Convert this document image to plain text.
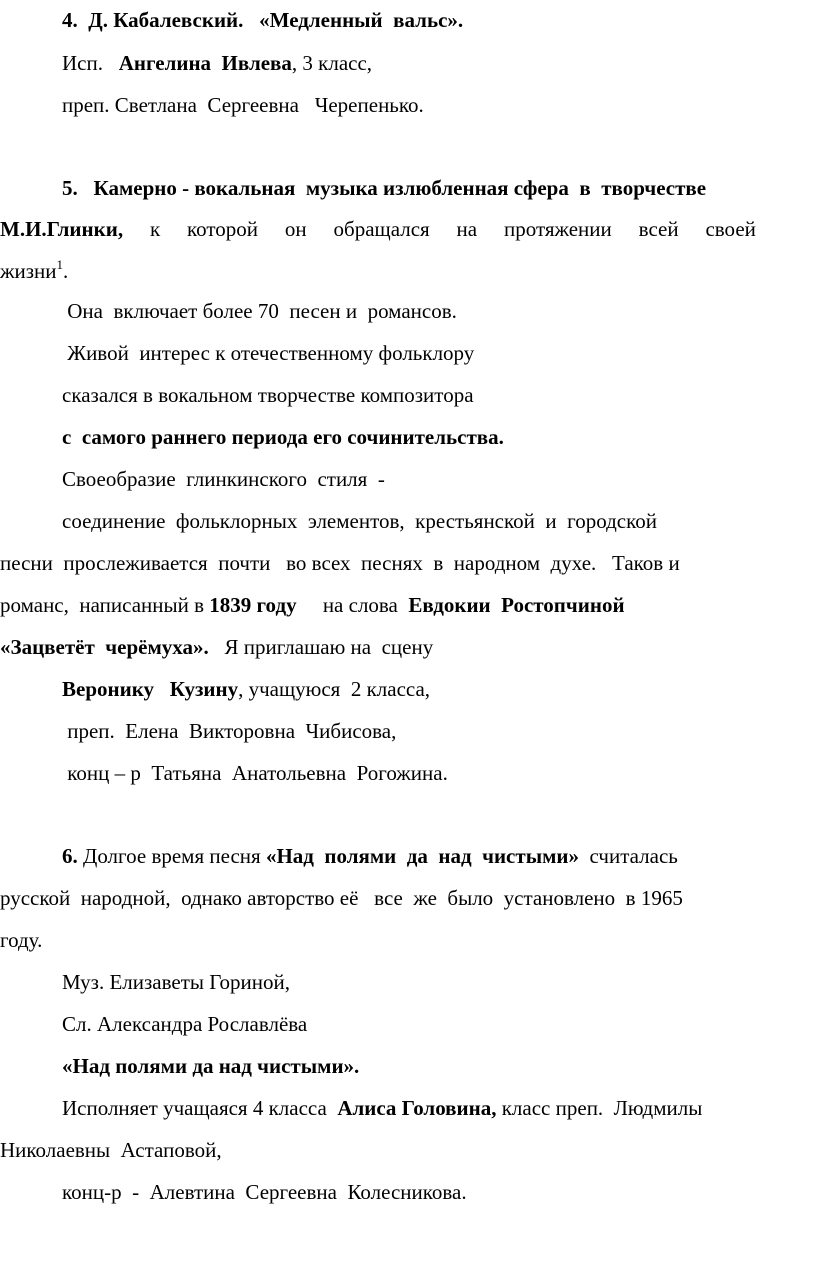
4.  Д. Кабалевский.   «Медленный  вальс».
Исп.   Ангелина  Ивлева, 3 класс,
преп. Светлана  Сергеевна   Черепенько.
5.   Камерно - вокальная  музыка излюбленная сфера  в  творчестве
М.И.Глинки, к которой он обращался на протяжении всей своей
жизни$^1$.
Она  включает более 70  песен и  романсов.
Живой  интерес к отечественному фольклору
сказался в вокальном творчестве композитора
с  самого раннего периода его сочинительства.
Своеобразие  глинкинского  стиля  -
соединение  фольклорных  элементов,  крестьянской  и  городской
песни  прослеживается  почти   во всех  песнях  в  народном  духе.   Таков и
романс,  написанный в 1839 году     на слова  Евдокии  Ростопчиной
«Зацветёт  черёмуха».   Я приглашаю на  сцену
Веронику   Кузину, учащуюся  2 класса,
преп.  Елена  Викторовна  Чибисова,
конц – р  Татьяна  Анатольевна  Рогожина.
6. Долгое время песня «Над  полями  да  над  чистыми»  считалась
русской  народной,  однако авторство её   все  же  было  установлено  в 1965
году.
Муз. Елизаветы Гориной,
Сл. Александра Рославлёва
«Над полями да над чистыми».
Исполняет учащаяся 4 класса  Алиса Головина, класс преп.  Людмилы
Николаевны  Астаповой,
конц-р  -  Алевтина  Сергеевна  Колесникова.
